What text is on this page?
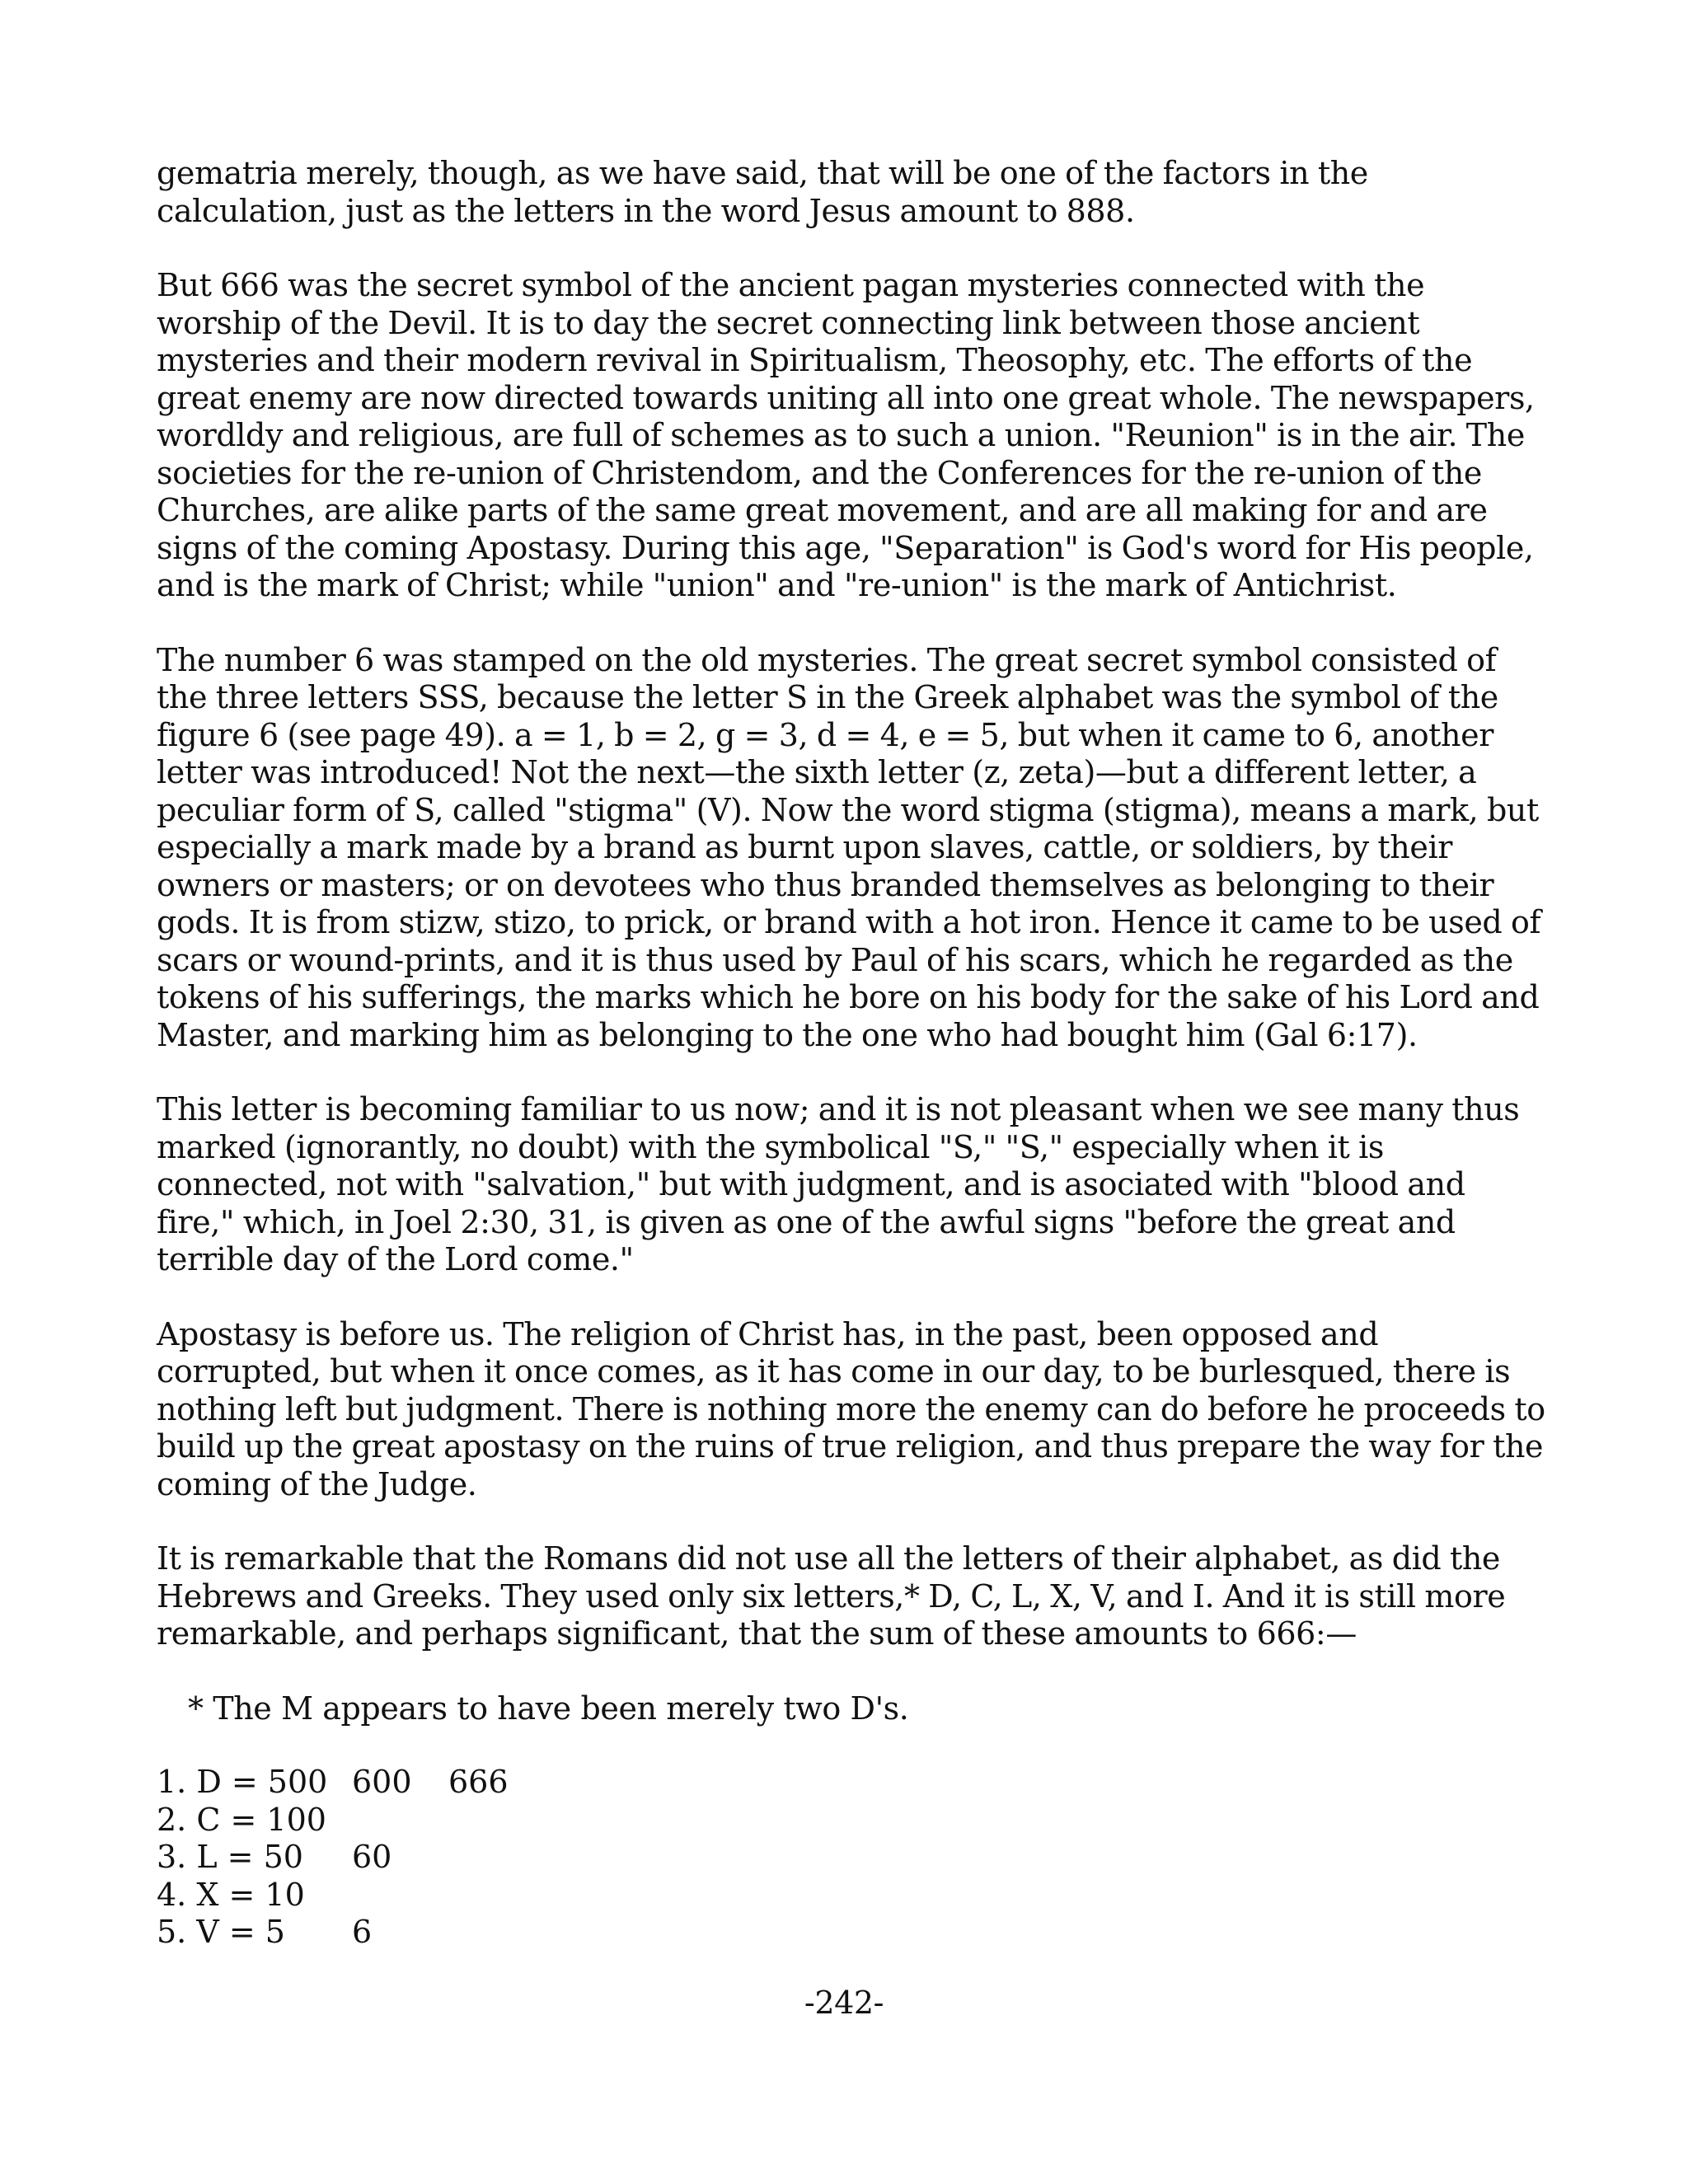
gematria merely, though, as we have said, that will be one of the factors in the calculation, just as the letters in the word Jesus amount to 888.

But 666 was the secret symbol of the ancient pagan mysteries connected with the worship of the Devil. It is to day the secret connecting link between those ancient mysteries and their modern revival in Spiritualism, Theosophy, etc. The efforts of the great enemy are now directed towards uniting all into one great whole. The newspapers, wordldy and religious, are full of schemes as to such a union. "Reunion" is in the air. The societies for the re-union of Christendom, and the Conferences for the re-union of the Churches, are alike parts of the same great movement, and are all making for and are signs of the coming Apostasy. During this age, "Separation" is God's word for His people, and is the mark of Christ; while "union" and "re-union" is the mark of Antichrist.

The number 6 was stamped on the old mysteries. The great secret symbol consisted of the three letters SSS, because the letter S in the Greek alphabet was the symbol of the figure 6 (see page 49). a = 1, b = 2, g = 3, d = 4, e = 5, but when it came to 6, another letter was introduced! Not the next—the sixth letter (z, zeta)—but a different letter, a peculiar form of S, called "stigma" (V). Now the word stigma (stigma), means a mark, but especially a mark made by a brand as burnt upon slaves, cattle, or soldiers, by their owners or masters; or on devotees who thus branded themselves as belonging to their gods. It is from stizw, stizo, to prick, or brand with a hot iron. Hence it came to be used of scars or wound-prints, and it is thus used by Paul of his scars, which he regarded as the tokens of his sufferings, the marks which he bore on his body for the sake of his Lord and Master, and marking him as belonging to the one who had bought him (Gal 6:17).

This letter is becoming familiar to us now; and it is not pleasant when we see many thus marked (ignorantly, no doubt) with the symbolical "S," "S," especially when it is connected, not with "salvation," but with judgment, and is asociated with "blood and fire," which, in Joel 2:30, 31, is given as one of the awful signs "before the great and terrible day of the Lord come."

Apostasy is before us. The religion of Christ has, in the past, been opposed and corrupted, but when it once comes, as it has come in our day, to be burlesqued, there is nothing left but judgment. There is nothing more the enemy can do before he proceeds to build up the great apostasy on the ruins of true religion, and thus prepare the way for the coming of the Judge.

It is remarkable that the Romans did not use all the letters of their alphabet, as did the Hebrews and Greeks. They used only six letters,* D, C, L, X, V, and I. And it is still more remarkable, and perhaps significant, that the sum of these amounts to 666:—

* The M appears to have been merely two D's.

1. D = 500 600 666
2. C = 100
3. L = 50 60
4. X = 10
5. V = 5 6
-242-
